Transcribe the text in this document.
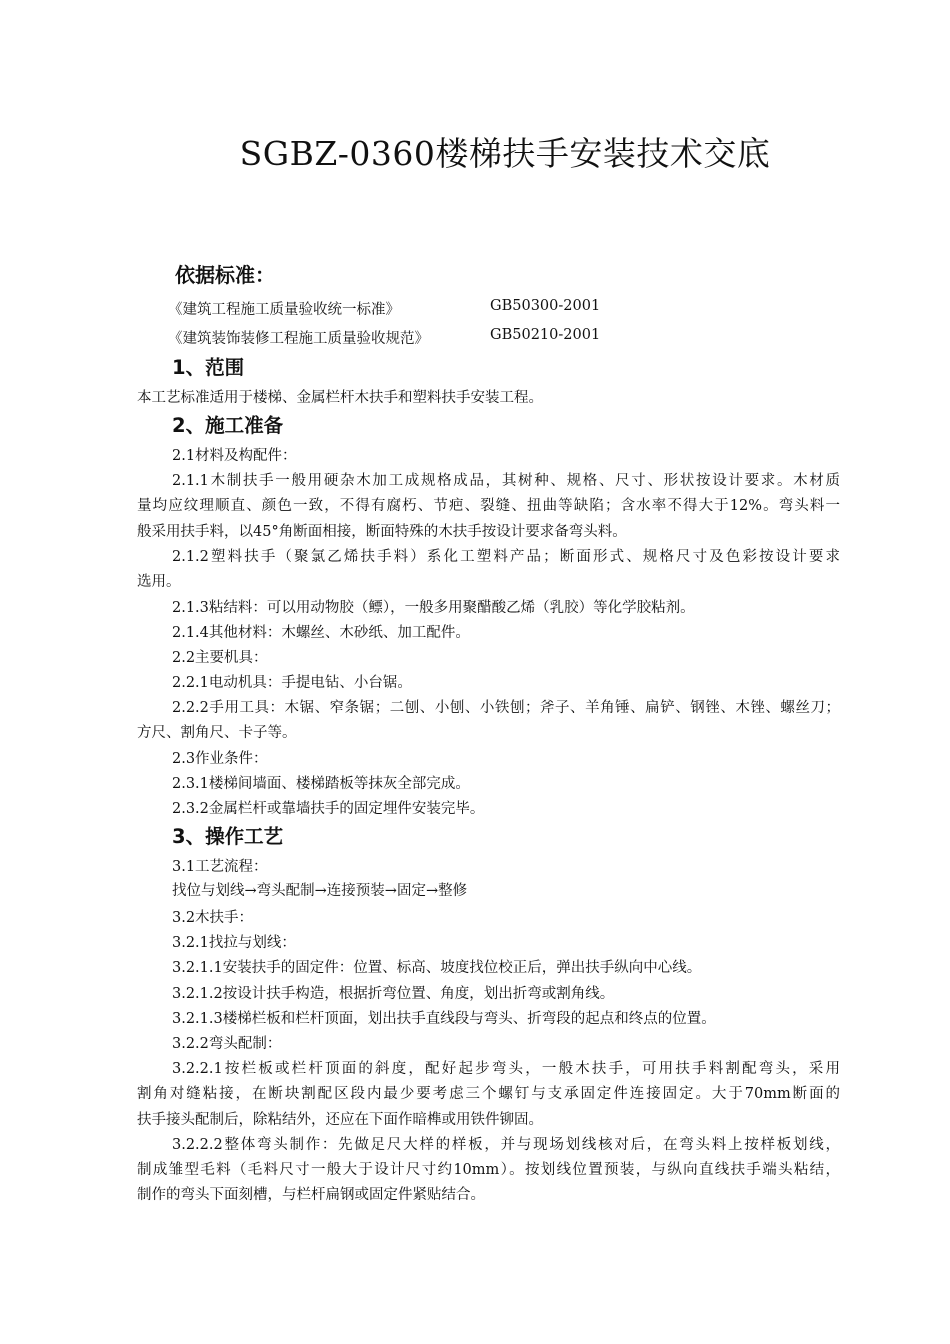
SGBZ-0360楼梯扶手安装技术交底
依据标准：
《建筑工程施工质量验收统一标准》	GB50300-2001
《建筑装饰装修工程施工质量验收规范》	GB50210-2001
1、范围
本工艺标准适用于楼梯、金属栏杆木扶手和塑料扶手安装工程。
2、施工准备
2.1材料及构配件：
2.1.1木制扶手一般用硬杂木加工成规格成品，其树种、规格、尺寸、形状按设计要求。木材质
量均应纹理顺直、颜色一致，不得有腐朽、节疤、裂缝、扭曲等缺陷；含水率不得大于12%。弯头料一
般采用扶手料，以45°角断面相接，断面特殊的木扶手按设计要求备弯头料。
2.1.2塑料扶手（聚氯乙烯扶手料）系化工塑料产品；断面形式、规格尺寸及色彩按设计要求
选用。
2.1.3粘结料：可以用动物胶（鳔），一般多用聚醋酸乙烯（乳胶）等化学胶粘剂。
2.1.4其他材料：木螺丝、木砂纸、加工配件。
2.2主要机具：
2.2.1电动机具：手提电钻、小台锯。
2.2.2手用工具：木锯、窄条锯；二刨、小刨、小铁刨；斧子、羊角锤、扁铲、钢锉、木锉、螺丝刀；
方尺、割角尺、卡子等。
2.3作业条件：
2.3.1楼梯间墙面、楼梯踏板等抹灰全部完成。
2.3.2金属栏杆或靠墙扶手的固定埋件安装完毕。
3、操作工艺
3.1工艺流程：
找位与划线→弯头配制→连接预装→固定→整修
3.2木扶手：
3.2.1找拉与划线：
3.2.1.1安装扶手的固定件：位置、标高、坡度找位校正后，弹出扶手纵向中心线。
3.2.1.2按设计扶手构造，根据折弯位置、角度，划出折弯或割角线。
3.2.1.3楼梯栏板和栏杆顶面，划出扶手直线段与弯头、折弯段的起点和终点的位置。
3.2.2弯头配制：
3.2.2.1按栏板或栏杆顶面的斜度，配好起步弯头，一般木扶手，可用扶手料割配弯头，采用
割角对缝粘接，在断块割配区段内最少要考虑三个螺钉与支承固定件连接固定。大于70mm断面的
扶手接头配制后，除粘结外，还应在下面作暗榫或用铁件铆固。
3.2.2.2整体弯头制作：先做足尺大样的样板，并与现场划线核对后，在弯头料上按样板划线，
制成雏型毛料（毛料尺寸一般大于设计尺寸约10mm）。按划线位置预装，与纵向直线扶手端头粘结，
制作的弯头下面刻槽，与栏杆扁钢或固定件紧贴结合。
